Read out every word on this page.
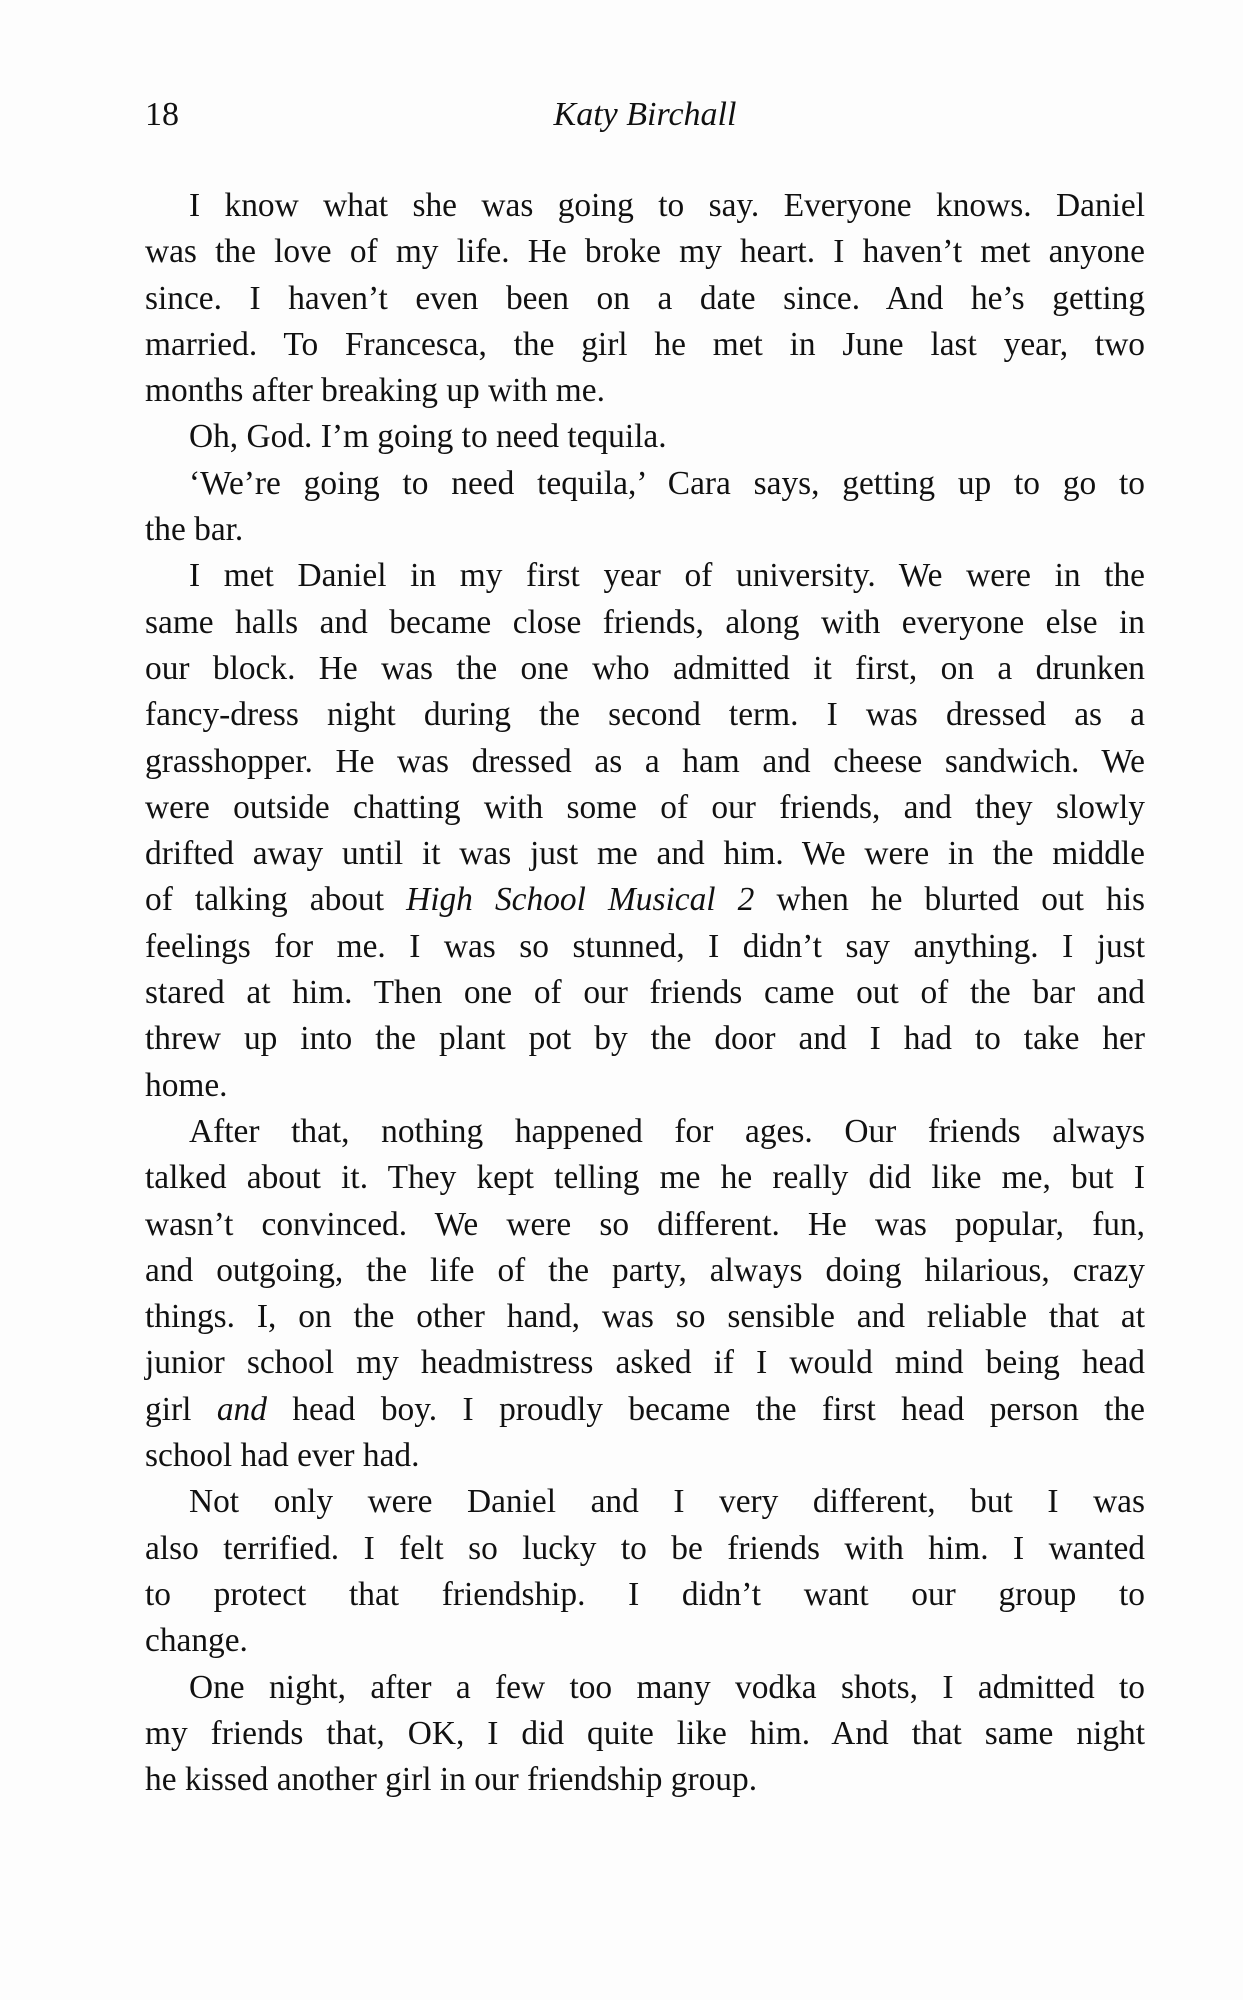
18	Katy Birchall
I know what she was going to say. Everyone knows. Daniel
was the love of my life. He broke my heart. I haven’t met anyone
since. I haven’t even been on a date since. And he’s getting
married. To Francesca, the girl he met in June last year, two
months after breaking up with me.
Oh, God. I’m going to need tequila.
‘We’re going to need tequila,’ Cara says, getting up to go to
the bar.
I met Daniel in my first year of university. We were in the
same halls and became close friends, along with everyone else in
our block. He was the one who admitted it first, on a drunken
fancy-dress night during the second term. I was dressed as a
grasshopper. He was dressed as a ham and cheese sandwich. We
were outside chatting with some of our friends, and they slowly
drifted away until it was just me and him. We were in the middle
of talking about High School Musical 2 when he blurted out his
feelings for me. I was so stunned, I didn’t say anything. I just
stared at him. Then one of our friends came out of the bar and
threw up into the plant pot by the door and I had to take her
home.
After that, nothing happened for ages. Our friends always
talked about it. They kept telling me he really did like me, but I
wasn’t convinced. We were so different. He was popular, fun,
and outgoing, the life of the party, always doing hilarious, crazy
things. I, on the other hand, was so sensible and reliable that at
junior school my headmistress asked if I would mind being head
girl and head boy. I proudly became the first head person the
school had ever had.
Not only were Daniel and I very different, but I was
also terrified. I felt so lucky to be friends with him. I wanted
to protect that friendship. I didn’t want our group to
change.
One night, after a few too many vodka shots, I admitted to
my friends that, OK, I did quite like him. And that same night
he kissed another girl in our friendship group.
